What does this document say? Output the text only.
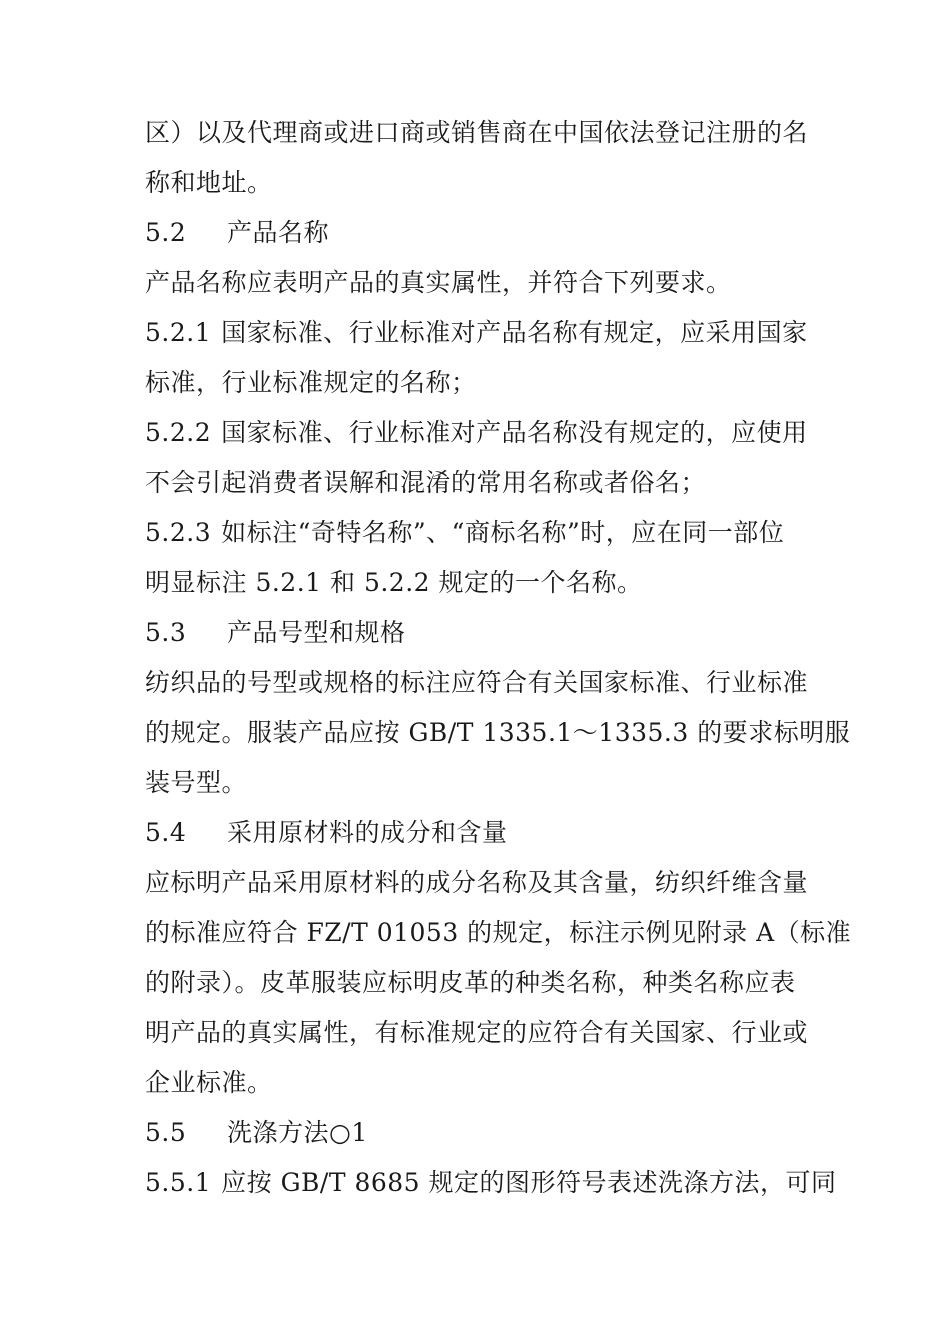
区）以及代理商或进口商或销售商在中国依法登记注册的名
称和地址。
5.2 产品名称
产品名称应表明产品的真实属性，并符合下列要求。
5.2.1 国家标准、行业标准对产品名称有规定，应采用国家
标准，行业标准规定的名称；
5.2.2 国家标准、行业标准对产品名称没有规定的，应使用
不会引起消费者误解和混淆的常用名称或者俗名；
5.2.3 如标注“奇特名称”、“商标名称”时，应在同一部位
明显标注 5.2.1 和 5.2.2 规定的一个名称。
5.3 产品号型和规格
纺织品的号型或规格的标注应符合有关国家标准、行业标准
的规定。服装产品应按 GB/T 1335.1～1335.3 的要求标明服
装号型。
5.4 采用原材料的成分和含量
应标明产品采用原材料的成分名称及其含量，纺织纤维含量
的标准应符合 FZ/T 01053 的规定，标注示例见附录 A（标准
的附录）。皮革服装应标明皮革的种类名称，种类名称应表
明产品的真实属性，有标准规定的应符合有关国家、行业或
企业标准。
5.5 洗涤方法○1
5.5.1 应按 GB/T 8685 规定的图形符号表述洗涤方法，可同
